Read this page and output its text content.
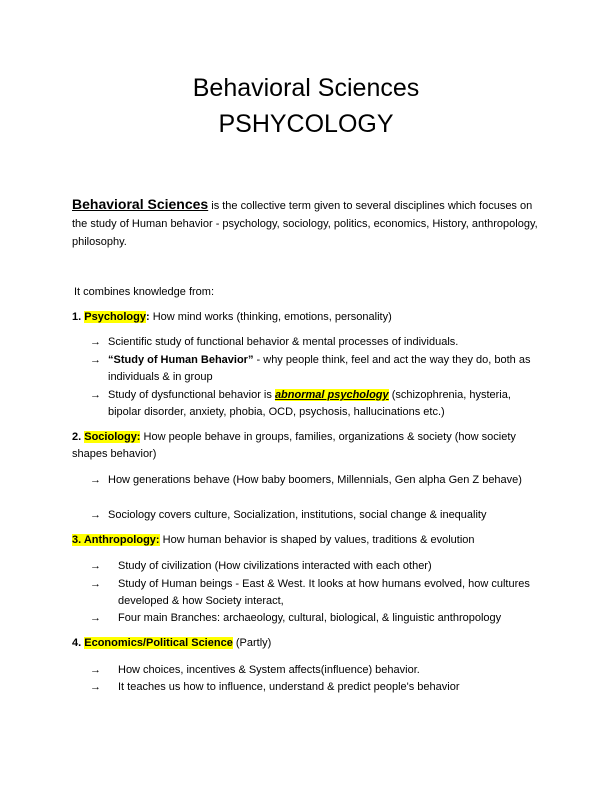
Behavioral Sciences
PSHYCOLOGY
Behavioral Sciences is the collective term given to several disciplines which focuses on the study of Human behavior - psychology, sociology, politics, economics, History, anthropology, philosophy.
It combines knowledge from:
1. Psychology: How mind works (thinking, emotions, personality)
→ Scientific study of functional behavior & mental processes of individuals.
→ “Study of Human Behavior” - why people think, feel and act the way they do, both as individuals & in group
→ Study of dysfunctional behavior is abnormal psychology (schizophrenia, hysteria, bipolar disorder, anxiety, phobia, OCD, psychosis, hallucinations etc.)
2. Sociology: How people behave in groups, families, organizations & society (how society shapes behavior)
→ How generations behave (How baby boomers, Millennials, Gen alpha Gen Z behave)
→ Sociology covers culture, Socialization, institutions, social change & inequality
3. Anthropology: How human behavior is shaped by values, traditions & evolution
→ Study of civilization (How civilizations interacted with each other)
→ Study of Human beings - East & West. It looks at how humans evolved, how cultures developed & how Society interact,
→ Four main Branches: archaeology, cultural, biological, & linguistic anthropology
4. Economics/Political Science (Partly)
→ How choices, incentives & System affects(influence) behavior.
→ It teaches us how to influence, understand & predict people's behavior
